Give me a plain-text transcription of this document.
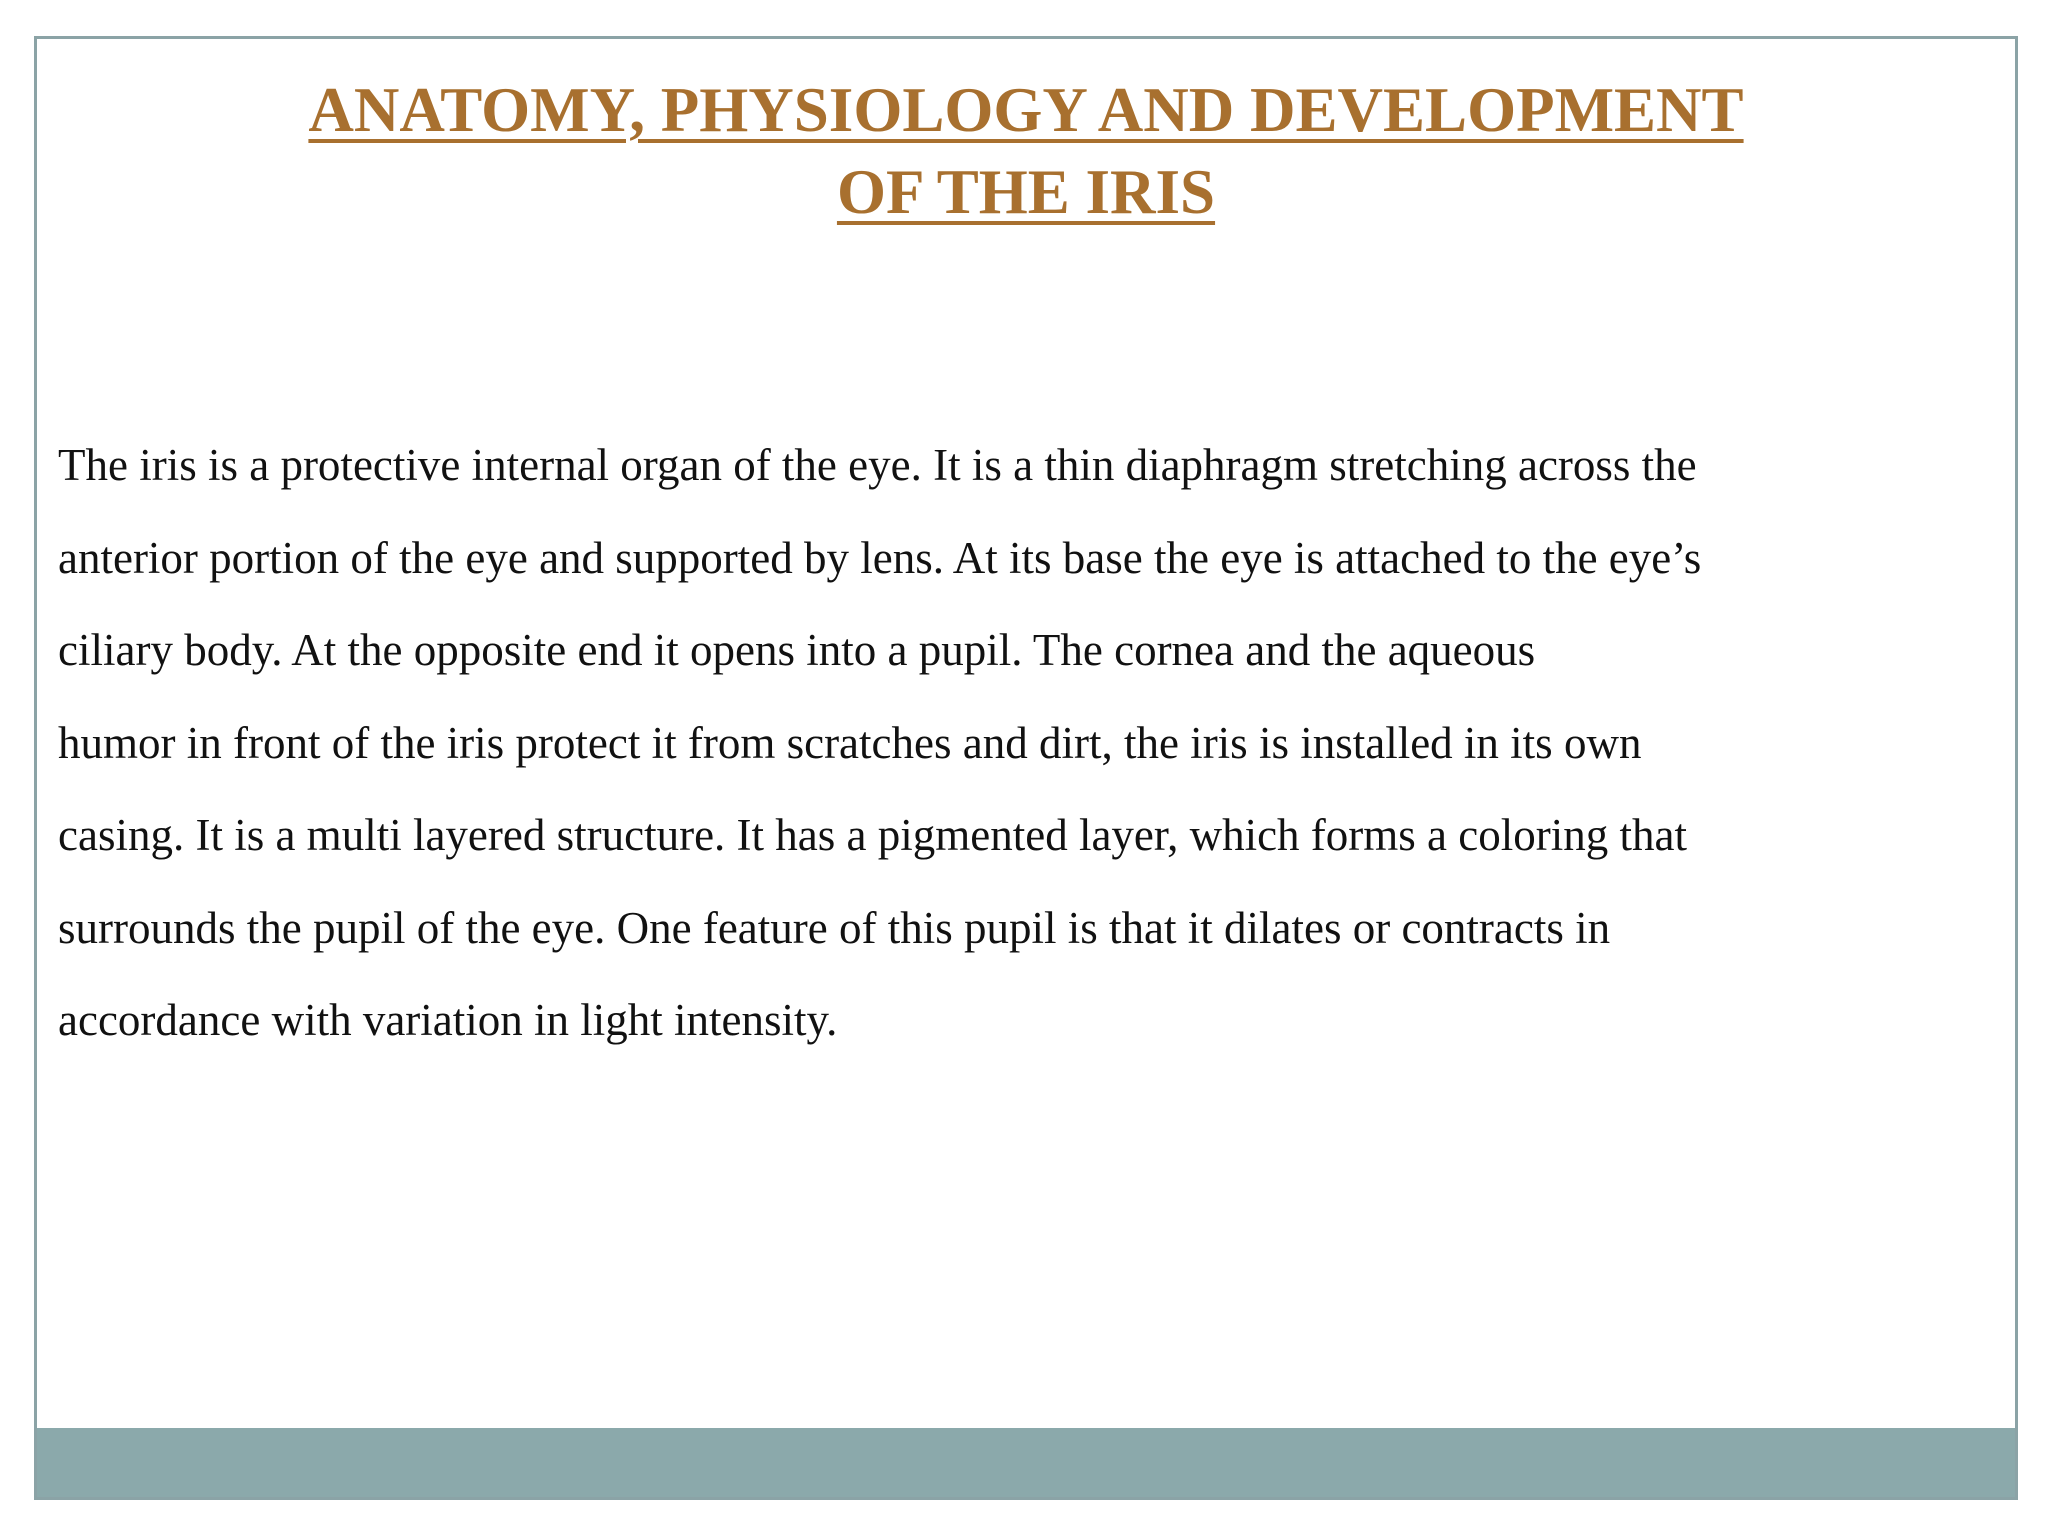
ANATOMY, PHYSIOLOGY AND DEVELOPMENT
OF THE IRIS
The iris is a protective internal organ of the eye. It is a thin diaphragm stretching across the
anterior portion of the eye and supported by lens. At its base the eye is attached to the eye’s
ciliary body. At the opposite end it opens into a pupil. The cornea and the aqueous
humor in front of the iris protect it from scratches and dirt, the iris is installed in its own
casing. It is a multi layered structure. It has a pigmented layer, which forms a coloring that
surrounds the pupil of the eye. One feature of this pupil is that it dilates or contracts in
accordance with variation in light intensity.
